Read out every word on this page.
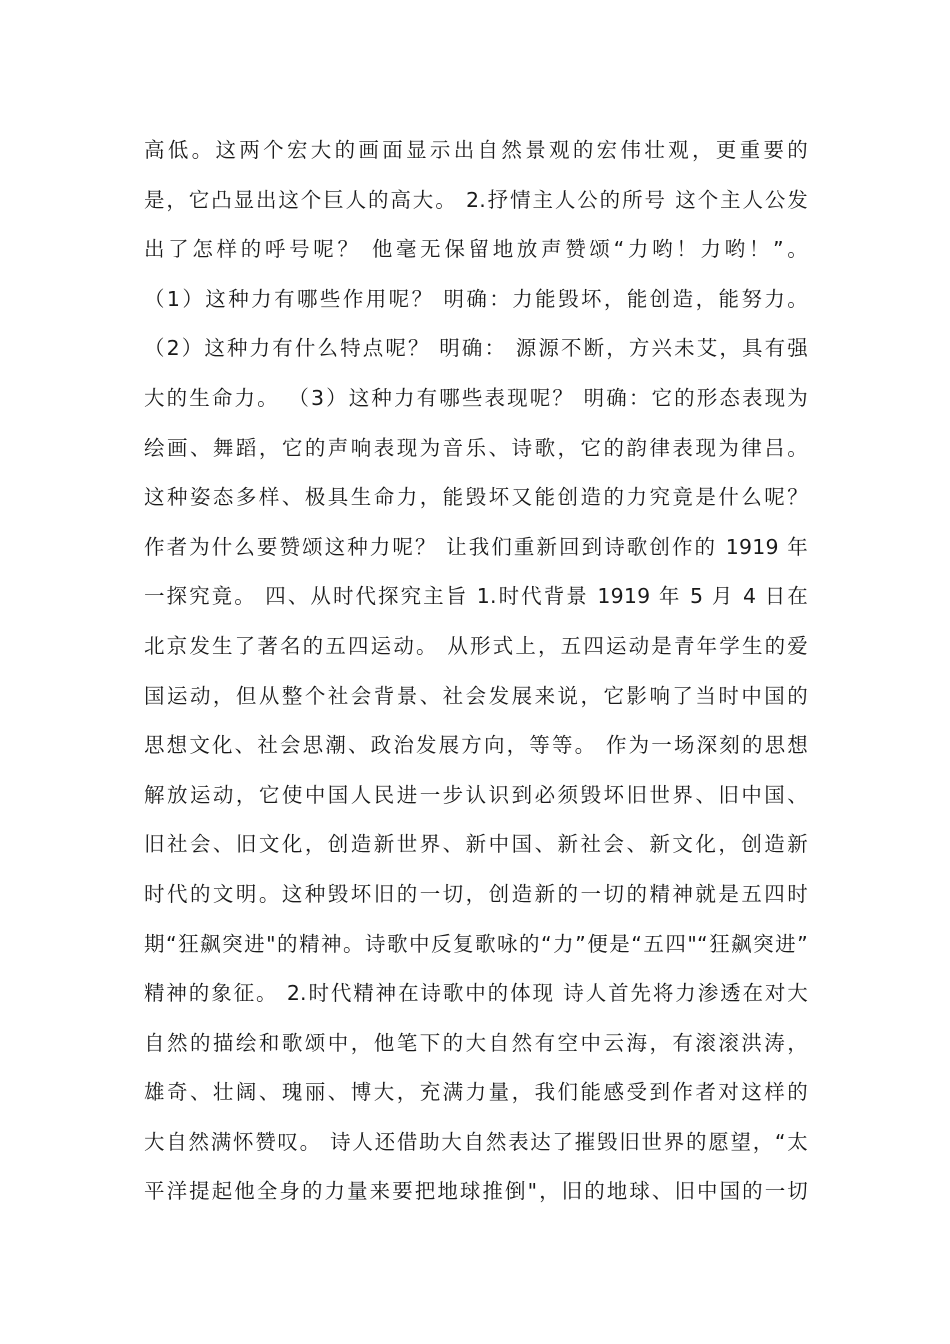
高低。这两个宏大的画面显示出自然景观的宏伟壮观，更重要的
是，它凸显出这个巨人的高大。 2.抒情主人公的所号 这个主人公发
出了怎样的呼号呢？ 他毫无保留地放声赞颂“力哟！力哟！”。
（1）这种力有哪些作用呢？ 明确：力能毁坏，能创造，能努力。
（2）这种力有什么特点呢？ 明确： 源源不断，方兴未艾，具有强
大的生命力。 （3）这种力有哪些表现呢？ 明确：它的形态表现为
绘画、舞蹈，它的声响表现为音乐、诗歌，它的韵律表现为律吕。
这种姿态多样、极具生命力，能毁坏又能创造的力究竟是什么呢？
作者为什么要赞颂这种力呢？ 让我们重新回到诗歌创作的 1919 年
一探究竟。 四、从时代探究主旨 1.时代背景 1919 年 5 月 4 日在
北京发生了著名的五四运动。 从形式上，五四运动是青年学生的爱
国运动，但从整个社会背景、社会发展来说，它影响了当时中国的
思想文化、社会思潮、政治发展方向，等等。 作为一场深刻的思想
解放运动，它使中国人民进一步认识到必须毁坏旧世界、旧中国、
旧社会、旧文化，创造新世界、新中国、新社会、新文化，创造新
时代的文明。这种毁坏旧的一切，创造新的一切的精神就是五四时
期“狂飙突进"的精神。诗歌中反复歌咏的“力”便是“五四"“狂飙突进”
精神的象征。 2.时代精神在诗歌中的体现 诗人首先将力渗透在对大
自然的描绘和歌颂中，他笔下的大自然有空中云海，有滚滚洪涛，
雄奇、壮阔、瑰丽、博大，充满力量，我们能感受到作者对这样的
大自然满怀赞叹。 诗人还借助大自然表达了摧毁旧世界的愿望，“太
平洋提起他全身的力量来要把地球推倒"，旧的地球、旧中国的一切
